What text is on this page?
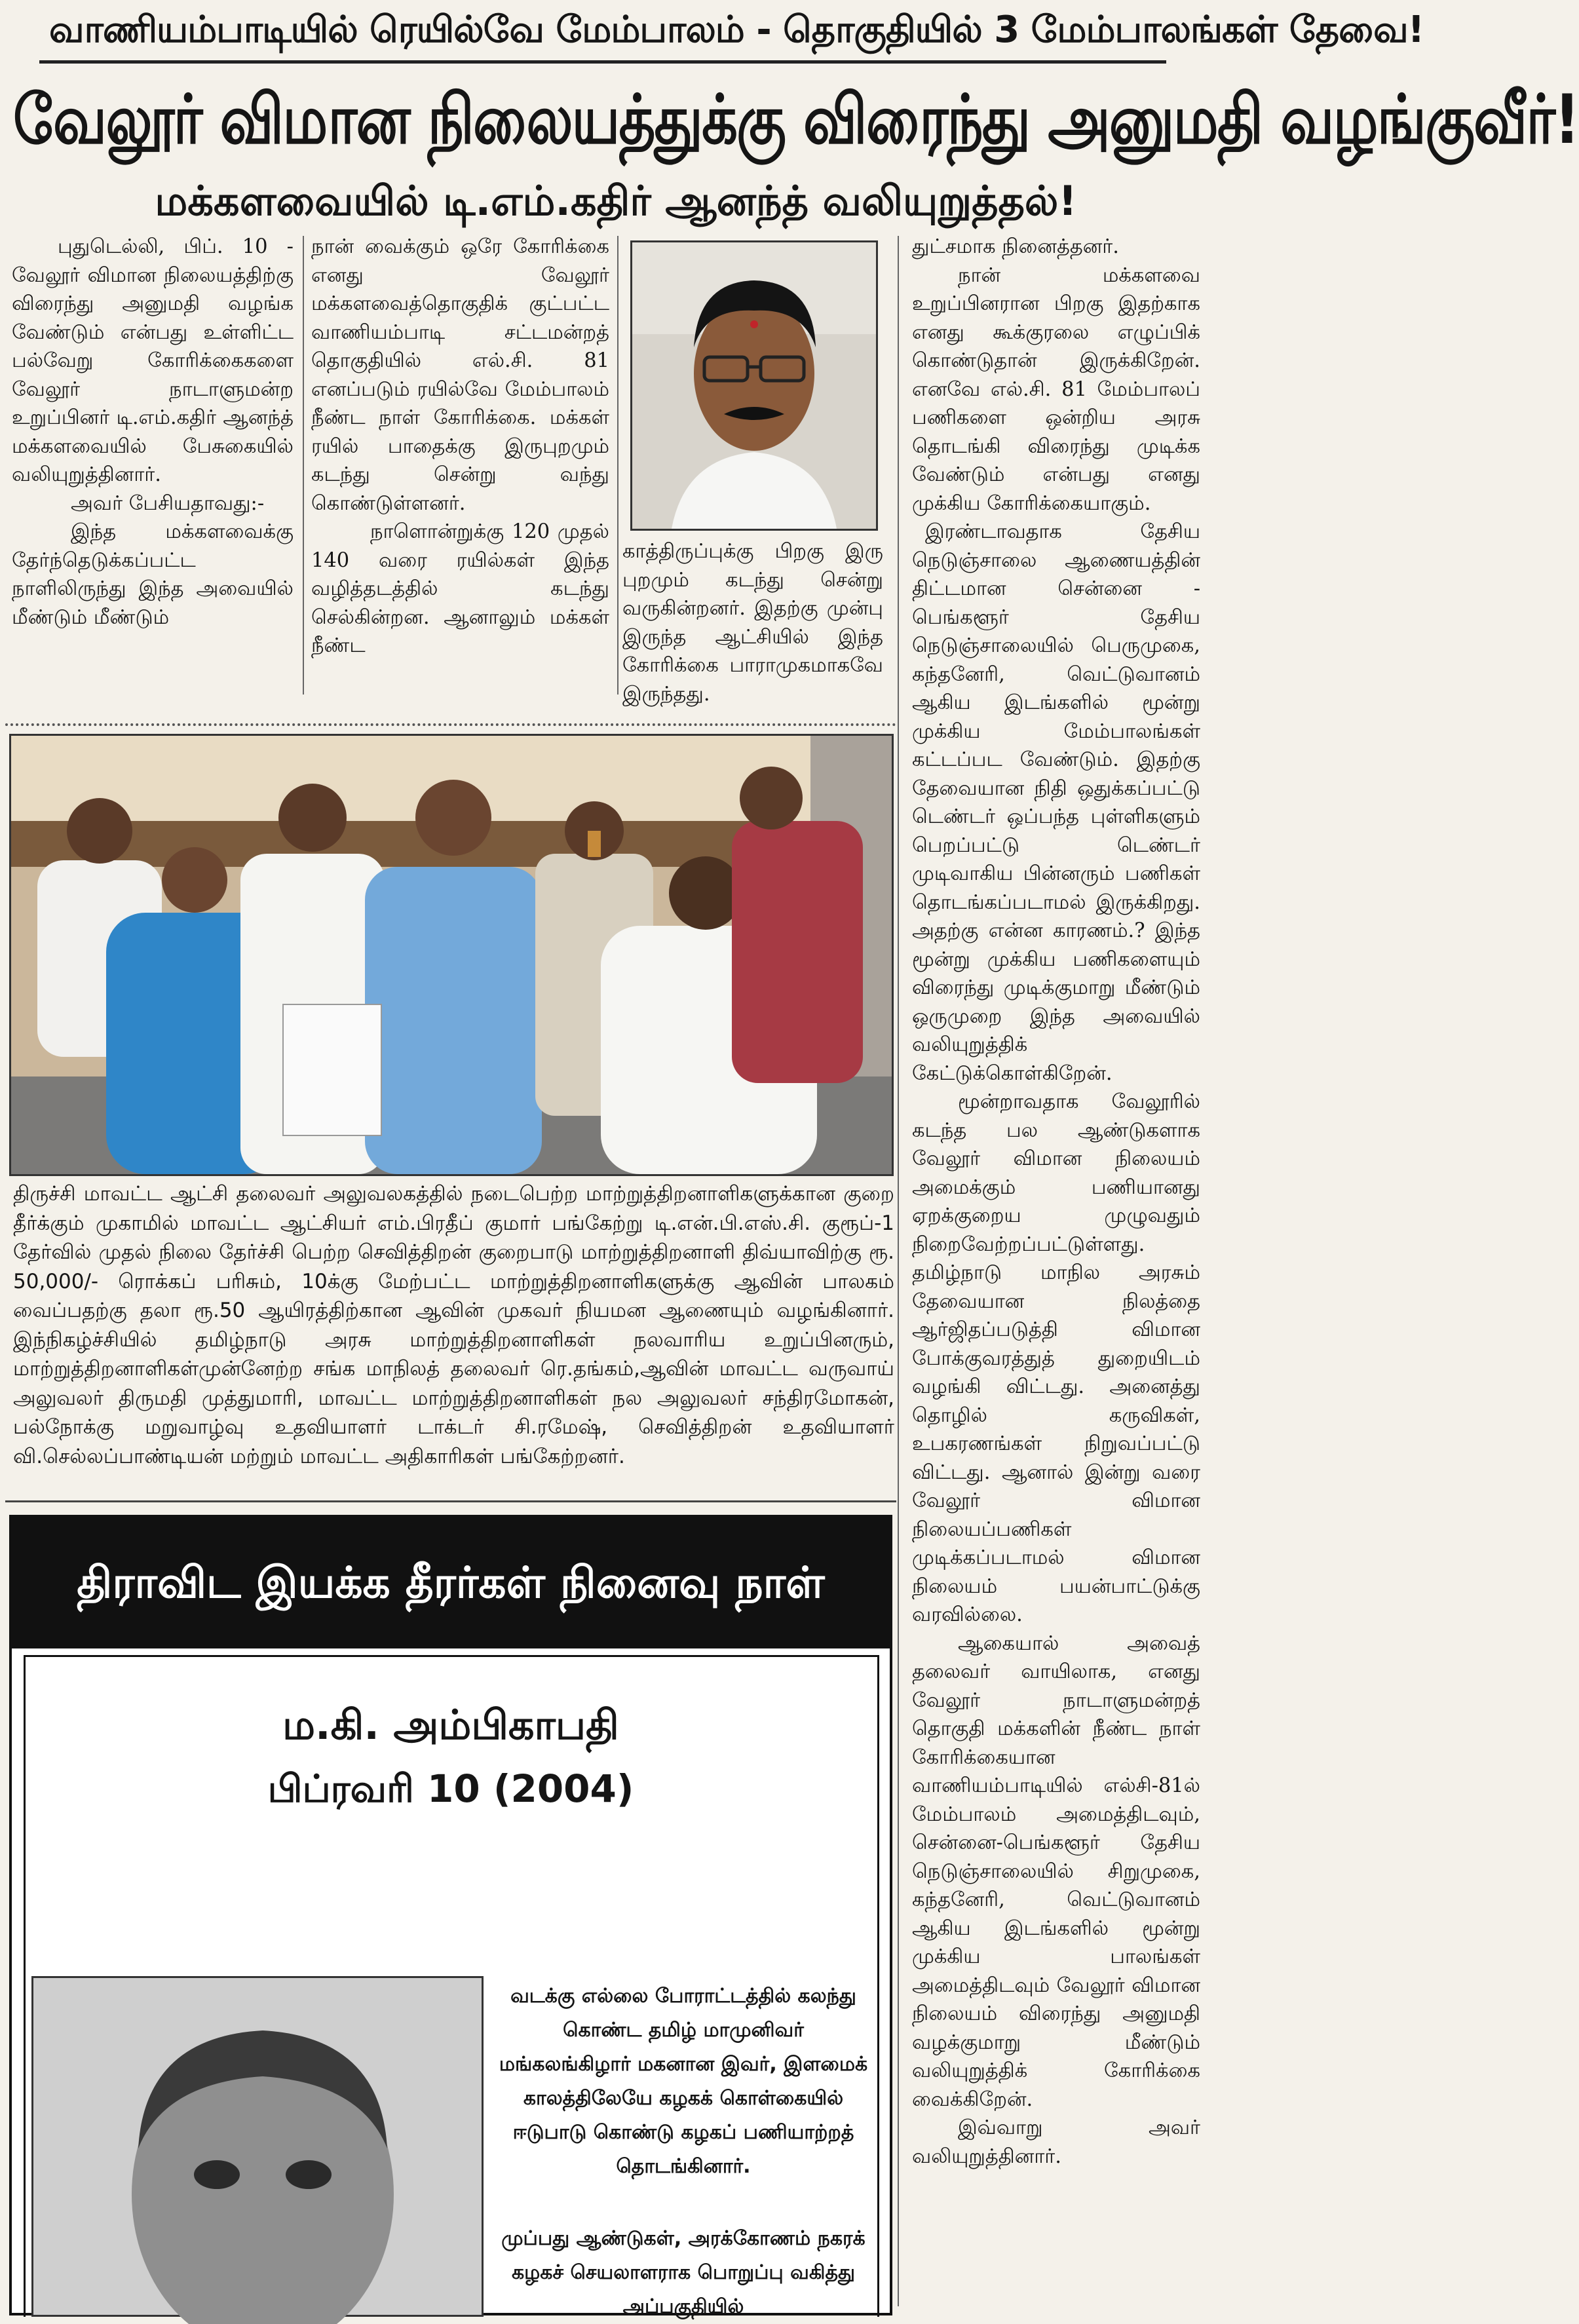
வாணியம்பாடியில் ரெயில்வே மேம்பாலம் - தொகுதியில் 3 மேம்பாலங்கள் தேவை!
வேலூர் விமான நிலையத்துக்கு விரைந்து அனுமதி வழங்குவீர்!
மக்களவையில் டி.எம்.கதிர் ஆனந்த் வலியுறுத்தல்!

புதுடெல்லி, பிப். 10 - வேலூர் விமான நிலையத்திற்கு விரைந்து அனுமதி வழங்க வேண்டும் என்பது உள்ளிட்ட பல்வேறு கோரிக்கைகளை வேலூர் நாடாளுமன்ற உறுப்பினர் டி.எம்.கதிர் ஆனந்த் மக்களவையில் பேசுகையில் வலியுறுத்தினார்.

அவர் பேசியதாவது:-

இந்த மக்களவைக்கு தேர்ந்தெடுக்கப்பட்ட நாளிலிருந்து இந்த அவையில் மீண்டும் மீண்டும்

நான் வைக்கும் ஒரே கோரிக்கை எனது வேலூர் மக்களவைத்தொகுதிக் குட்பட்ட வாணியம்பாடி சட்டமன்றத் தொகுதியில் எல்.சி. 81 எனப்படும் ரயில்வே மேம்பாலம் நீண்ட நாள் கோரிக்கை. மக்கள் ரயில் பாதைக்கு இருபுறமும் கடந்து சென்று வந்து கொண்டுள்ளனர்.

நாளொன்றுக்கு 120 முதல் 140 வரை ரயில்கள் இந்த வழித்தடத்தில் கடந்து செல்கின்றன. ஆனாலும் மக்கள் நீண்ட

காத்திருப்புக்கு பிறகு இரு புறமும் கடந்து சென்று வருகின்றனர். இதற்கு முன்பு இருந்த ஆட்சியில் இந்த கோரிக்கை பாராமுகமாகவே இருந்தது.

துட்சமாக நினைத்தனர்.

நான் மக்களவை உறுப்பினரான பிறகு இதற்காக எனது கூக்குரலை எழுப்பிக் கொண்டுதான் இருக்கிறேன். எனவே எல்.சி. 81 மேம்பாலப் பணிகளை ஒன்றிய அரசு தொடங்கி விரைந்து முடிக்க வேண்டும் என்பது எனது முக்கிய கோரிக்கையாகும்.

இரண்டாவதாக தேசிய நெடுஞ்சாலை ஆணையத்தின் திட்டமான சென்னை - பெங்களூர் தேசிய நெடுஞ்சாலையில் பெருமுகை, கந்தனேரி, வெட்டுவானம் ஆகிய இடங்களில் மூன்று முக்கிய மேம்பாலங்கள் கட்டப்பட வேண்டும். இதற்கு தேவையான நிதி ஒதுக்கப்பட்டு டெண்டர் ஒப்பந்த புள்ளிகளும் பெறப்பட்டு டெண்டர் முடிவாகிய பின்னரும் பணிகள் தொடங்கப்படாமல் இருக்கிறது. அதற்கு என்ன காரணம்.? இந்த மூன்று முக்கிய பணிகளையும் விரைந்து முடிக்குமாறு மீண்டும் ஒருமுறை இந்த அவையில் வலியுறுத்திக் கேட்டுக்கொள்கிறேன்.

மூன்றாவதாக வேலூரில் கடந்த பல ஆண்டுகளாக வேலூர் விமான நிலையம் அமைக்கும் பணியானது ஏறக்குறைய முழுவதும் நிறைவேற்றப்பட்டுள்ளது. தமிழ்நாடு மாநில அரசும் தேவையான நிலத்தை ஆர்ஜிதப்படுத்தி விமான போக்குவரத்துத் துறையிடம் வழங்கி விட்டது. அனைத்து தொழில் கருவிகள், உபகரணங்கள் நிறுவப்பட்டு விட்டது. ஆனால் இன்று வரை வேலூர் விமான நிலையப்பணிகள் முடிக்கப்படாமல் விமான நிலையம் பயன்பாட்டுக்கு வரவில்லை.

ஆகையால் அவைத் தலைவர் வாயிலாக, எனது வேலூர் நாடாளுமன்றத் தொகுதி மக்களின் நீண்ட நாள் கோரிக்கையான வாணியம்பாடியில் எல்சி-81ல் மேம்பாலம் அமைத்திடவும், சென்னை-பெங்களூர் தேசிய நெடுஞ்சாலையில் சிறுமுகை, கந்தனேரி, வெட்டுவானம் ஆகிய இடங்களில் மூன்று முக்கிய பாலங்கள் அமைத்திடவும் வேலூர் விமான நிலையம் விரைந்து அனுமதி வழக்குமாறு மீண்டும் வலியுறுத்திக் கோரிக்கை வைக்கிறேன்.

இவ்வாறு அவர் வலியுறுத்தினார்.

திருச்சி மாவட்ட ஆட்சி தலைவர் அலுவலகத்தில் நடைபெற்ற மாற்றுத்திறனாளிகளுக்கான குறை தீர்க்கும் முகாமில் மாவட்ட ஆட்சியர் எம்.பிரதீப் குமார் பங்கேற்று டி.என்.பி.எஸ்.சி. குரூப்-1 தேர்வில் முதல் நிலை தேர்ச்சி பெற்ற செவித்திறன் குறைபாடு மாற்றுத்திறனாளி திவ்யாவிற்கு ரூ. 50,000/- ரொக்கப் பரிசும், 10க்கு மேற்பட்ட மாற்றுத்திறனாளிகளுக்கு ஆவின் பாலகம் வைப்பதற்கு தலா ரூ.50 ஆயிரத்திற்கான ஆவின் முகவர் நியமன ஆணையும் வழங்கினார். இந்நிகழ்ச்சியில் தமிழ்நாடு அரசு மாற்றுத்திறனாளிகள் நலவாரிய உறுப்பினரும், மாற்றுத்திறனாளிகள்முன்னேற்ற சங்க மாநிலத் தலைவர் ரெ.தங்கம்,ஆவின் மாவட்ட வருவாய் அலுவலர் திருமதி முத்துமாரி, மாவட்ட மாற்றுத்திறனாளிகள் நல அலுவலர் சந்திரமோகன், பல்நோக்கு மறுவாழ்வு உதவியாளர் டாக்டர் சி.ரமேஷ், செவித்திறன் உதவியாளர் வி.செல்லப்பாண்டியன் மற்றும் மாவட்ட அதிகாரிகள் பங்கேற்றனர்.
திராவிட இயக்க தீரர்கள் நினைவு நாள்
ம.கி. அம்பிகாபதி
பிப்ரவரி 10 (2004)
வடக்கு எல்லை போராட்டத்தில் கலந்து கொண்ட தமிழ் மாமுனிவர் மங்கலங்கிழார் மகனான இவர், இளமைக் காலத்திலேயே கழகக் கொள்கையில் ஈடுபாடு கொண்டு கழகப் பணியாற்றத் தொடங்கினார்.
முப்பது ஆண்டுகள், அரக்கோணம் நகரக் கழகச் செயலாளராக பொறுப்பு வகித்து அப்பகுதியில்
